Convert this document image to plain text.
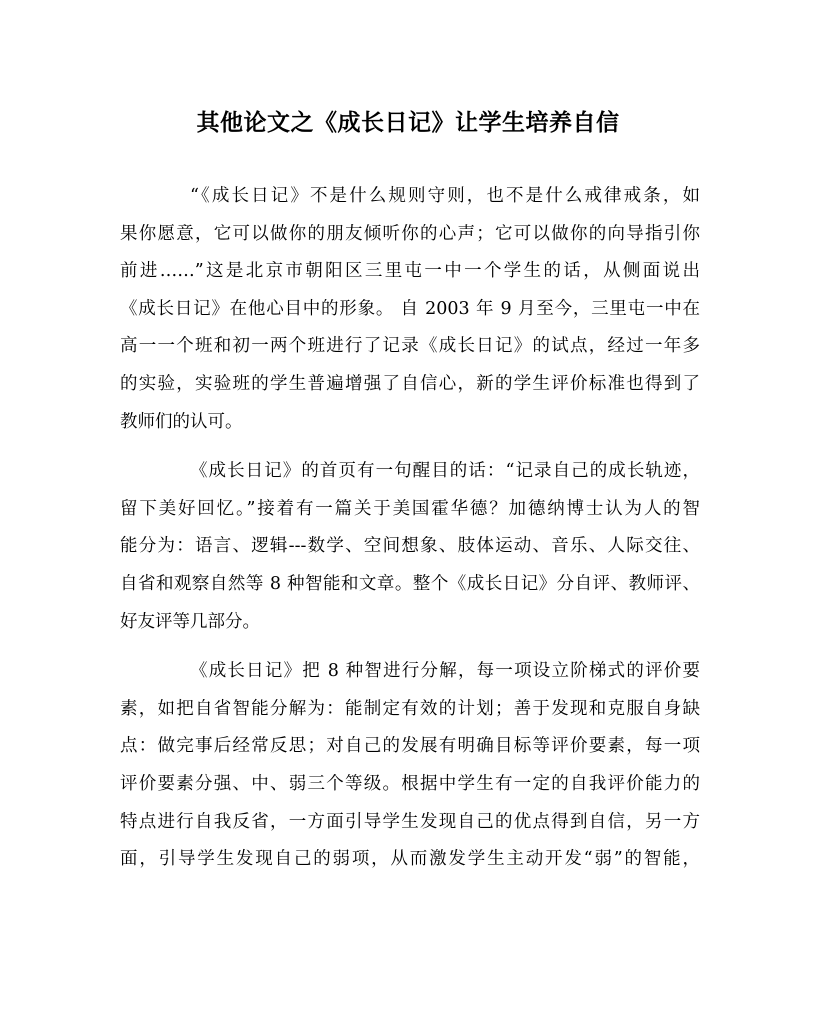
其他论文之《成长日记》让学生培养自信
“《成长日记》不是什么规则守则，也不是什么戒律戒条，如
果你愿意，它可以做你的朋友倾听你的心声；它可以做你的向导指引你
前进……”这是北京市朝阳区三里屯一中一个学生的话，从侧面说出
《成长日记》在他心目中的形象。 自 2003 年 9 月至今，三里屯一中在
高一一个班和初一两个班进行了记录《成长日记》的试点，经过一年多
的实验，实验班的学生普遍增强了自信心，新的学生评价标准也得到了
教师们的认可。
《成长日记》的首页有一句醒目的话：“记录自己的成长轨迹，
留下美好回忆。”接着有一篇关于美国霍华德？加德纳博士认为人的智
能分为：语言、逻辑---数学、空间想象、肢体运动、音乐、人际交往、
自省和观察自然等 8 种智能和文章。整个《成长日记》分自评、教师评、
好友评等几部分。
《成长日记》把 8 种智进行分解，每一项设立阶梯式的评价要
素，如把自省智能分解为：能制定有效的计划；善于发现和克服自身缺
点：做完事后经常反思；对自己的发展有明确目标等评价要素，每一项
评价要素分强、中、弱三个等级。根据中学生有一定的自我评价能力的
特点进行自我反省，一方面引导学生发现自己的优点得到自信，另一方
面，引导学生发现自己的弱项，从而激发学生主动开发“弱”的智能，
